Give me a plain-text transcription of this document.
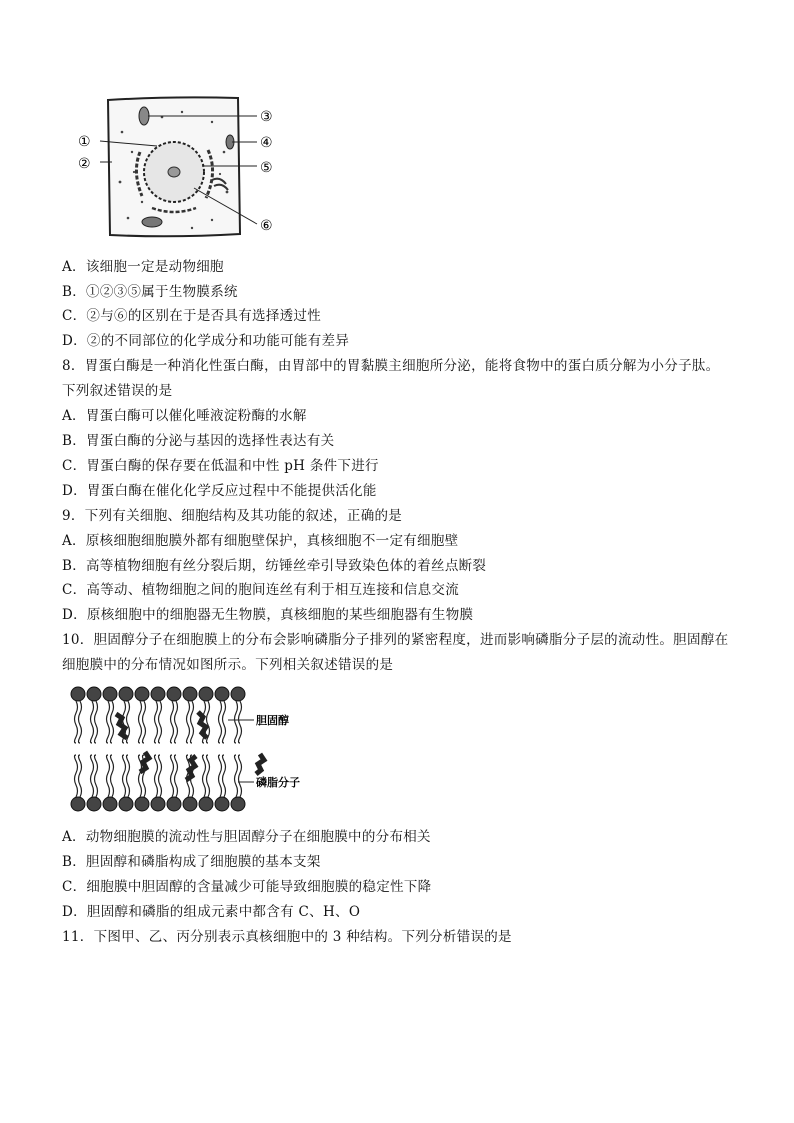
①
②
③
④
⑤
⑥
A．该细胞一定是动物细胞
B．①②③⑤属于生物膜系统
C．②与⑥的区别在于是否具有选择透过性
D．②的不同部位的化学成分和功能可能有差异
8．胃蛋白酶是一种消化性蛋白酶，由胃部中的胃黏膜主细胞所分泌，能将食物中的蛋白质分解为小分子肽。
下列叙述错误的是
A．胃蛋白酶可以催化唾液淀粉酶的水解
B．胃蛋白酶的分泌与基因的选择性表达有关
C．胃蛋白酶的保存要在低温和中性 pH 条件下进行
D．胃蛋白酶在催化化学反应过程中不能提供活化能
9．下列有关细胞、细胞结构及其功能的叙述，正确的是
A．原核细胞细胞膜外都有细胞壁保护，真核细胞不一定有细胞壁
B．高等植物细胞有丝分裂后期，纺锤丝牵引导致染色体的着丝点断裂
C．高等动、植物细胞之间的胞间连丝有利于相互连接和信息交流
D．原核细胞中的细胞器无生物膜，真核细胞的某些细胞器有生物膜
10．胆固醇分子在细胞膜上的分布会影响磷脂分子排列的紧密程度，进而影响磷脂分子层的流动性。胆固醇在
细胞膜中的分布情况如图所示。下列相关叙述错误的是
胆固醇
磷脂分子
A．动物细胞膜的流动性与胆固醇分子在细胞膜中的分布相关
B．胆固醇和磷脂构成了细胞膜的基本支架
C．细胞膜中胆固醇的含量减少可能导致细胞膜的稳定性下降
D．胆固醇和磷脂的组成元素中都含有 C、H、O
11．下图甲、乙、丙分别表示真核细胞中的 3 种结构。下列分析错误的是
